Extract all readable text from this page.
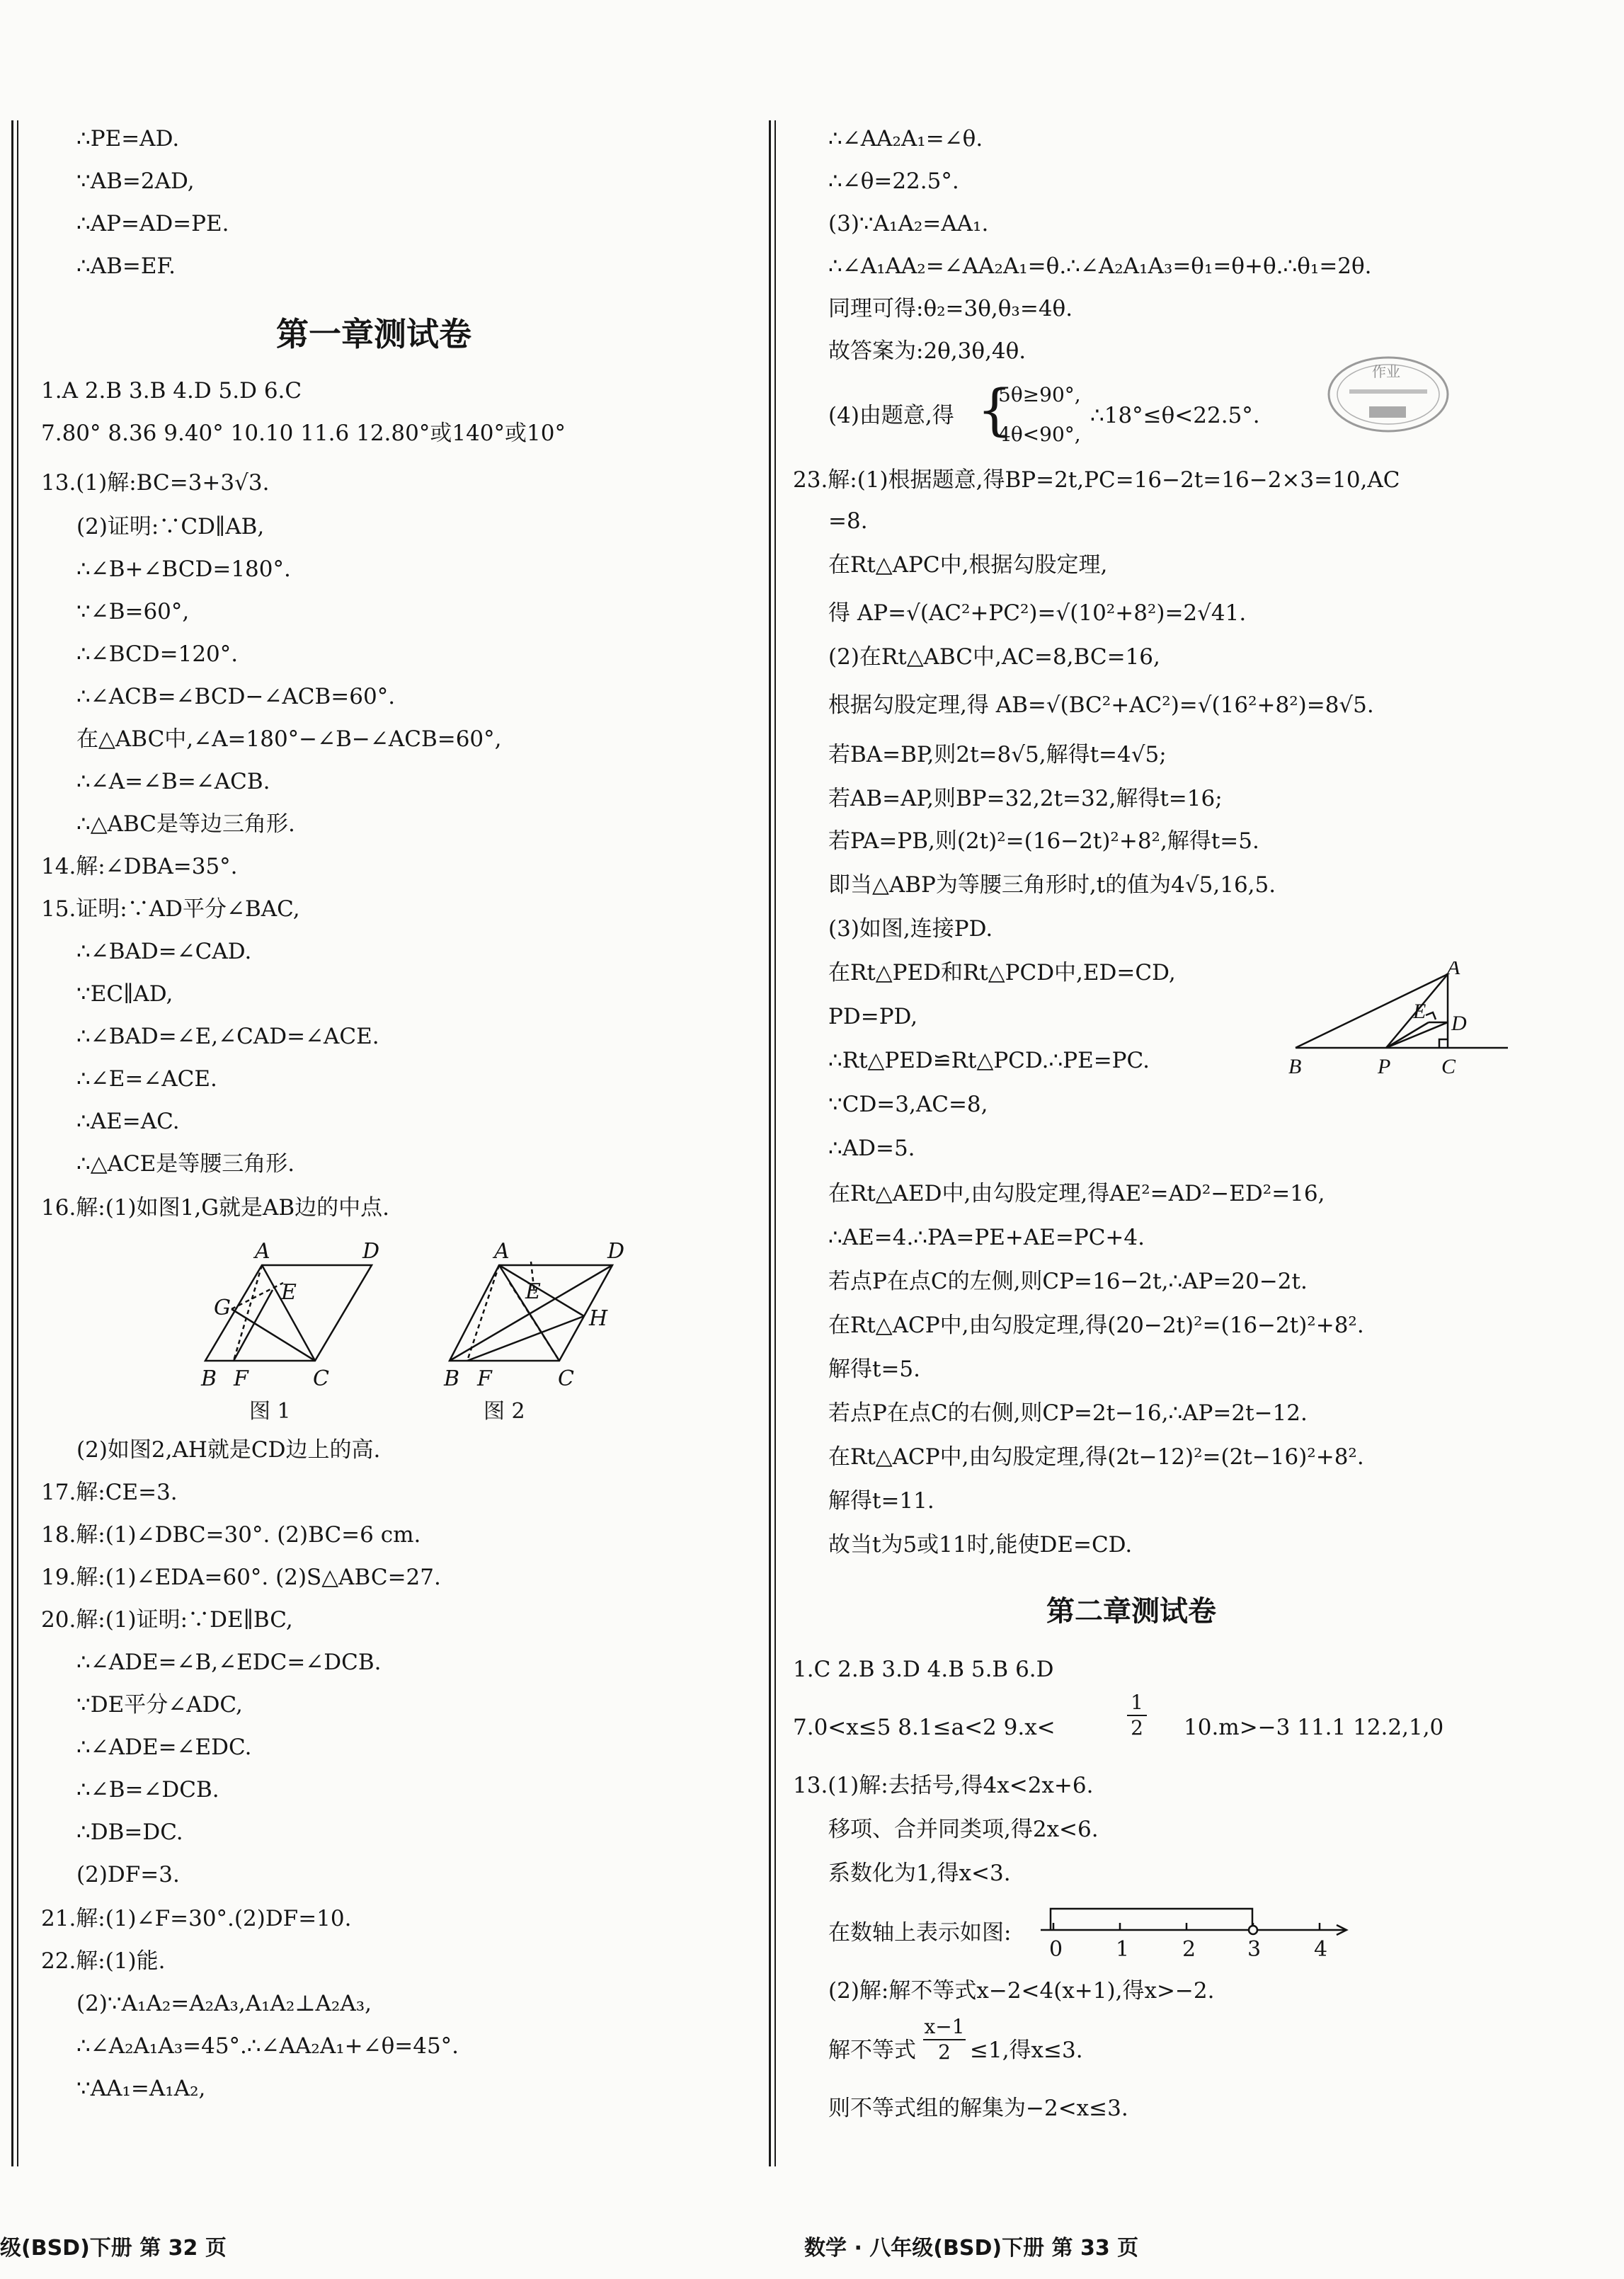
∴PE=AD.
∵AB=2AD,
∴AP=AD=PE.
∴AB=EF.
第一章测试卷
1.A 2.B 3.B 4.D 5.D 6.C
7.80° 8.36 9.40° 10.10 11.6 12.80°或140°或10°
13.(1)解:BC=3+3√3.
(2)证明:∵CD∥AB,
∴∠B+∠BCD=180°.
∵∠B=60°,
∴∠BCD=120°.
∴∠ACB=∠BCD−∠ACB=60°.
在△ABC中,∠A=180°−∠B−∠ACB=60°,
∴∠A=∠B=∠ACB.
∴△ABC是等边三角形.
14.解:∠DBA=35°.
15.证明:∵AD平分∠BAC,
∴∠BAD=∠CAD.
∵EC∥AD,
∴∠BAD=∠E,∠CAD=∠ACE.
∴∠E=∠ACE.
∴AE=AC.
∴△ACE是等腰三角形.
16.解:(1)如图1,G就是AB边的中点.
A	D
G
E
B F	C
A	D
E
H
B F	C
图 1	图 2
(2)如图2,AH就是CD边上的高.
17.解:CE=3.
18.解:(1)∠DBC=30°. (2)BC=6 cm.
19.解:(1)∠EDA=60°. (2)S△ABC=27.
20.解:(1)证明:∵DE∥BC,
∴∠ADE=∠B,∠EDC=∠DCB.
∵DE平分∠ADC,
∴∠ADE=∠EDC.
∴∠B=∠DCB.
∴DB=DC.
(2)DF=3.
21.解:(1)∠F=30°.(2)DF=10.
22.解:(1)能.
(2)∵A₁A₂=A₂A₃,A₁A₂⊥A₂A₃,
∴∠A₂A₁A₃=45°.∴∠AA₂A₁+∠θ=45°.
∵AA₁=A₁A₂,
级(BSD)下册 第 32 页
∴∠AA₂A₁=∠θ.
∴∠θ=22.5°.
(3)∵A₁A₂=AA₁.
∴∠A₁AA₂=∠AA₂A₁=θ.∴∠A₂A₁A₃=θ₁=θ+θ.∴θ₁=2θ.
同理可得:θ₂=3θ,θ₃=4θ.
故答案为:2θ,3θ,4θ.
(4)由题意,得 {
5θ≥90°,
4θ<90°,
∴18°≤θ<22.5°.
作业
23.解:(1)根据题意,得BP=2t,PC=16−2t=16−2×3=10,AC
=8.
在Rt△APC中,根据勾股定理,
得 AP=√(AC²+PC²)=√(10²+8²)=2√41.
(2)在Rt△ABC中,AC=8,BC=16,
根据勾股定理,得 AB=√(BC²+AC²)=√(16²+8²)=8√5.
若BA=BP,则2t=8√5,解得t=4√5;
若AB=AP,则BP=32,2t=32,解得t=16;
若PA=PB,则(2t)²=(16−2t)²+8²,解得t=5.
即当△ABP为等腰三角形时,t的值为4√5,16,5.
(3)如图,连接PD.
在Rt△PED和Rt△PCD中,ED=CD,
PD=PD,
∴Rt△PED≌Rt△PCD.∴PE=PC.
∵CD=3,AC=8,
∴AD=5.
A
E
D
B	P C
在Rt△AED中,由勾股定理,得AE²=AD²−ED²=16,
∴AE=4.∴PA=PE+AE=PC+4.
若点P在点C的左侧,则CP=16−2t,∴AP=20−2t.
在Rt△ACP中,由勾股定理,得(20−2t)²=(16−2t)²+8².
解得t=5.
若点P在点C的右侧,则CP=2t−16,∴AP=2t−12.
在Rt△ACP中,由勾股定理,得(2t−12)²=(2t−16)²+8².
解得t=11.
故当t为5或11时,能使DE=CD.
第二章测试卷
1.C 2.B 3.D 4.B 5.B 6.D
7.0<x≤5 8.1≤a<2 9.x<	$\frac{1}{2} 10.m>-3$ 11.1 12.2,1,0
13.(1)解:去括号,得4x<2x+6.
移项、合并同类项,得2x<6.
系数化为1,得x<3.
在数轴上表示如图:
0 1 2 3 4
(2)解:解不等式x−2<4(x+1),得x>−2.
解不等式 $\frac{x-1}{2} \le 1$,得x≤3.
则不等式组的解集为−2<x≤3.
数学 · 八年级(BSD)下册 第 33 页
